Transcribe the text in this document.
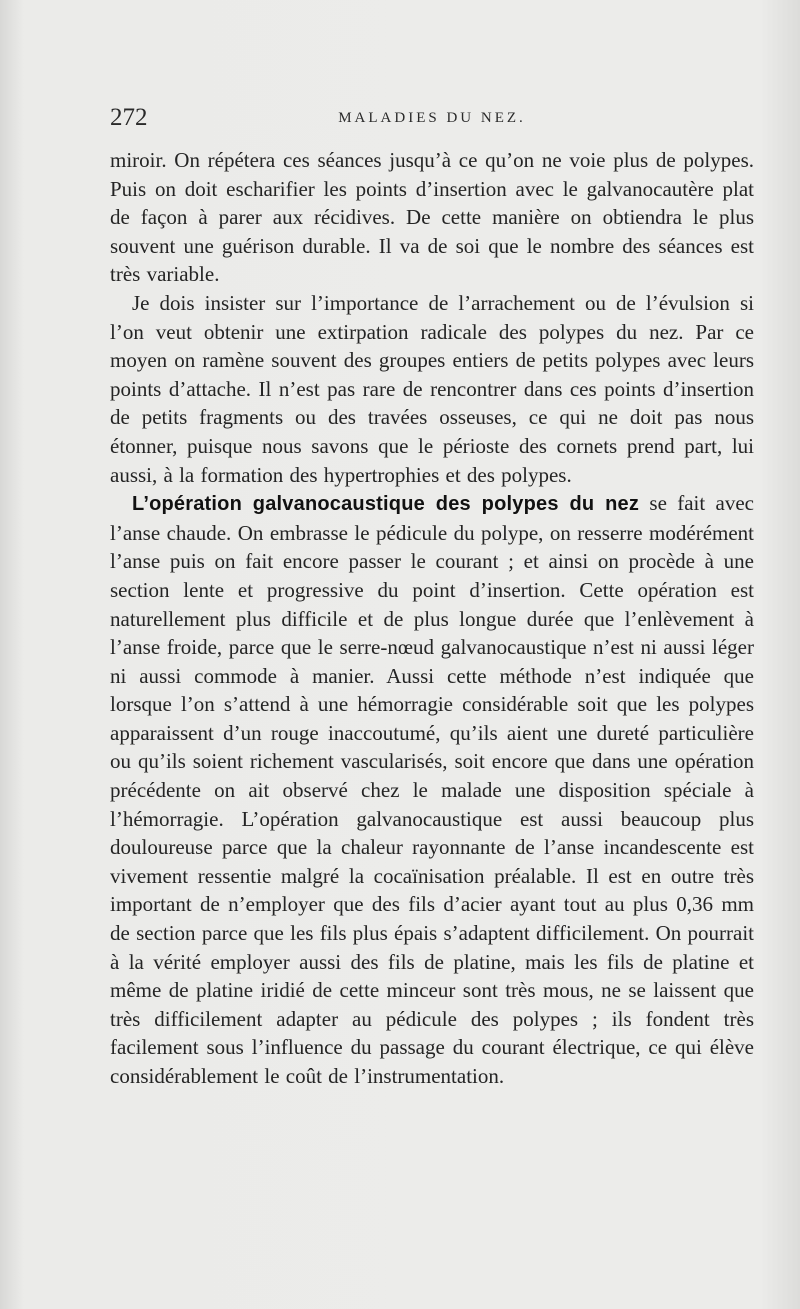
272	MALADIES DU NEZ.

miroir. On répétera ces séances jusqu’à ce qu’on ne voie plus de polypes. Puis on doit escharifier les points d’insertion avec le galvanocautère plat de façon à parer aux récidives. De cette manière on obtiendra le plus souvent une guérison durable. Il va de soi que le nombre des séances est très variable.

Je dois insister sur l’importance de l’arrachement ou de l’évulsion si l’on veut obtenir une extirpation radicale des polypes du nez. Par ce moyen on ramène souvent des groupes entiers de petits polypes avec leurs points d’attache. Il n’est pas rare de rencontrer dans ces points d’insertion de petits fragments ou des travées osseuses, ce qui ne doit pas nous étonner, puisque nous savons que le périoste des cornets prend part, lui aussi, à la formation des hypertrophies et des polypes.

L’opération galvanocaustique des polypes du nez se fait avec l’anse chaude. On embrasse le pédicule du polype, on resserre modérément l’anse puis on fait encore passer le courant ; et ainsi on procède à une section lente et progressive du point d’insertion. Cette opération est naturellement plus difficile et de plus longue durée que l’enlèvement à l’anse froide, parce que le serre-nœud galvanocaustique n’est ni aussi léger ni aussi commode à manier. Aussi cette méthode n’est indiquée que lorsque l’on s’attend à une hémorragie considérable soit que les polypes apparaissent d’un rouge inaccoutumé, qu’ils aient une dureté particulière ou qu’ils soient richement vascularisés, soit encore que dans une opération précédente on ait observé chez le malade une disposition spéciale à l’hémorragie. L’opération galvanocaustique est aussi beaucoup plus douloureuse parce que la chaleur rayonnante de l’anse incandescente est vivement ressentie malgré la cocaïnisation préalable. Il est en outre très important de n’employer que des fils d’acier ayant tout au plus 0,36 mm de section parce que les fils plus épais s’adaptent difficilement. On pourrait à la vérité employer aussi des fils de platine, mais les fils de platine et même de platine iridié de cette minceur sont très mous, ne se laissent que très difficilement adapter au pédicule des polypes ; ils fondent très facilement sous l’influence du passage du courant électrique, ce qui élève considérablement le coût de l’instrumentation.
